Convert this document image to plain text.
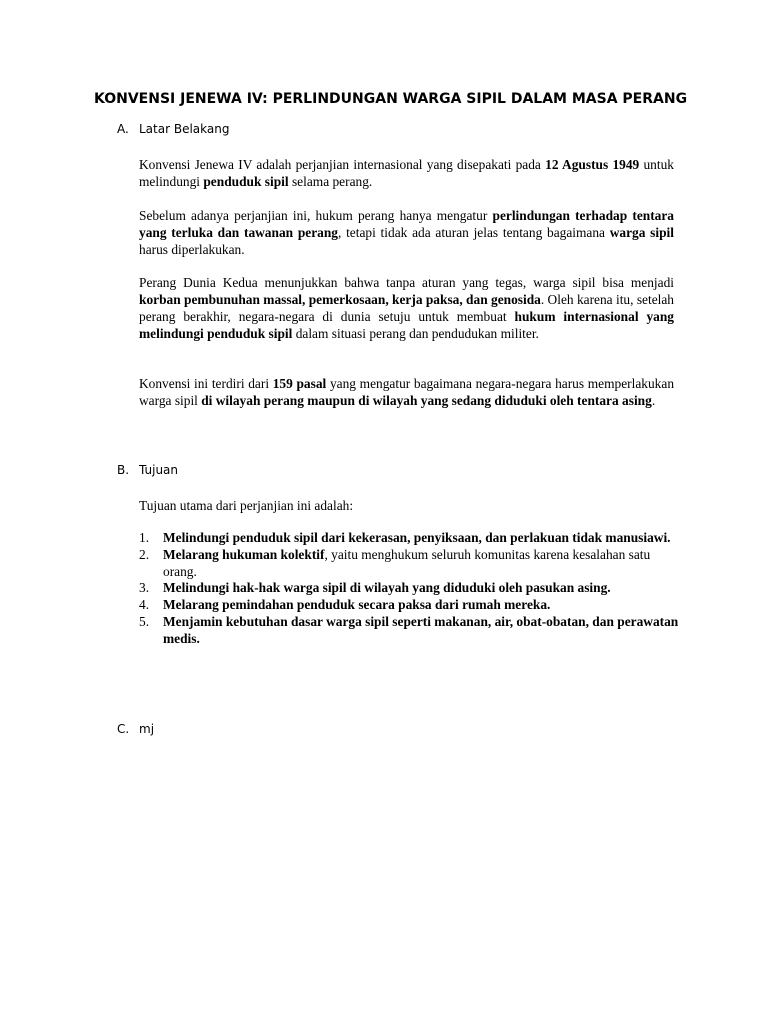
KONVENSI JENEWA IV: PERLINDUNGAN WARGA SIPIL DALAM MASA PERANG
A. Latar Belakang

Konvensi Jenewa IV adalah perjanjian internasional yang disepakati pada 12 Agustus 1949 untuk melindungi penduduk sipil selama perang.

Sebelum adanya perjanjian ini, hukum perang hanya mengatur perlindungan terhadap tentara yang terluka dan tawanan perang, tetapi tidak ada aturan jelas tentang bagaimana warga sipil harus diperlakukan.

Perang Dunia Kedua menunjukkan bahwa tanpa aturan yang tegas, warga sipil bisa menjadi korban pembunuhan massal, pemerkosaan, kerja paksa, dan genosida. Oleh karena itu, setelah perang berakhir, negara-negara di dunia setuju untuk membuat hukum internasional yang melindungi penduduk sipil dalam situasi perang dan pendudukan militer.

Konvensi ini terdiri dari 159 pasal yang mengatur bagaimana negara-negara harus memperlakukan warga sipil di wilayah perang maupun di wilayah yang sedang diduduki oleh tentara asing.

B. Tujuan

Tujuan utama dari perjanjian ini adalah:

1. Melindungi penduduk sipil dari kekerasan, penyiksaan, dan perlakuan tidak manusiawi.
2. Melarang hukuman kolektif, yaitu menghukum seluruh komunitas karena kesalahan satu orang.
3. Melindungi hak-hak warga sipil di wilayah yang diduduki oleh pasukan asing.
4. Melarang pemindahan penduduk secara paksa dari rumah mereka.
5. Menjamin kebutuhan dasar warga sipil seperti makanan, air, obat-obatan, dan perawatan medis.
C. mj
